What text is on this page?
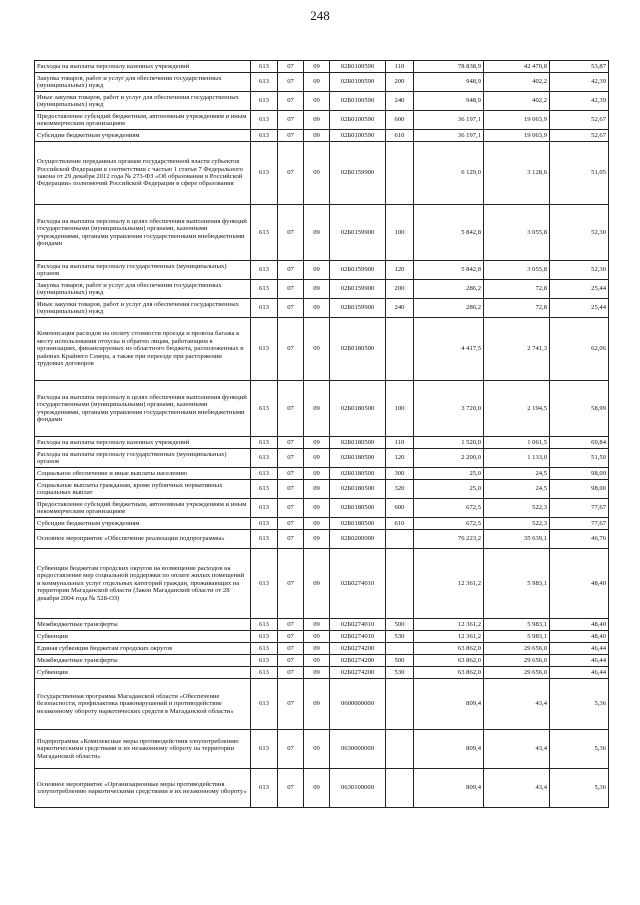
248
Расходы на выплаты персоналу казенных учреждений	613	07	09	02Б0100590	110	78 838,9	42 470,8	53,87
Закупка товаров, работ и услуг для обеспечения государственных (муниципальных) нужд	613	07	09	02Б0100590	200	948,9	402,2	42,39
Иные закупки товаров, работ и услуг для обеспечения государственных (муниципальных) нужд	613	07	09	02Б0100590	240	948,9	402,2	42,39
Предоставление субсидий бюджетным, автономным учреждениям и иным некоммерческим организациям	613	07	09	02Б0100590	600	36 197,1	19 063,9	52,67
Субсидии бюджетным учреждениям	613	07	09	02Б0100590	610	36 197,1	19 063,9	52,67
Осуществление переданных органам государственной власти субъектов Российской Федерации в соответствии с частью 1 статьи 7 Федерального закона от 29 декабря 2012 года № 273-ФЗ «Об образовании в Российской Федерации» полномочий Российской Федерации в сфере образования	613	07	09	02Б0159900		6 129,0	3 128,6	51,05
Расходы на выплаты персоналу в целях обеспечения выполнения функций государственными (муниципальными) органами, казенными учреждениями, органами управления государственными внебюджетными фондами	613	07	09	02Б0159900	100	5 842,8	3 055,8	52,30
Расходы на выплаты персоналу государственных (муниципальных) органов	613	07	09	02Б0159900	120	5 842,8	3 055,8	52,30
Закупка товаров, работ и услуг для обеспечения государственных (муниципальных) нужд	613	07	09	02Б0159900	200	286,2	72,8	25,44
Иные закупки товаров, работ и услуг для обеспечения государственных (муниципальных) нужд	613	07	09	02Б0159900	240	286,2	72,8	25,44
Компенсация расходов на оплату стоимости проезда и провоза багажа к месту использования отпуска и обратно лицам, работающим в организациях, финансируемых из областного бюджета, расположенных в районах Крайнего Севера, а также при переезде при расторжении трудовых договоров	613	07	09	02Б0180500		4 417,5	2 741,3	62,06
Расходы на выплаты персоналу в целях обеспечения выполнения функций государственными (муниципальными) органами, казенными учреждениями, органами управления государственными внебюджетными фондами	613	07	09	02Б0180500	100	3 720,0	2 194,5	58,99
Расходы на выплаты персоналу казенных учреждений	613	07	09	02Б0180500	110	1 520,0	1 061,5	69,84
Расходы на выплаты персоналу государственных (муниципальных) органов	613	07	09	02Б0180500	120	2 200,0	1 133,0	51,50
Социальное обеспечение и иные выплаты населению	613	07	09	02Б0180500	300	25,0	24,5	98,00
Социальные выплаты гражданам, кроме публичных нормативных социальных выплат	613	07	09	02Б0180500	320	25,0	24,5	98,00
Предоставление субсидий бюджетным, автономным учреждениям и иным некоммерческим организациям	613	07	09	02Б0180500	600	672,5	522,3	77,67
Субсидии бюджетным учреждениям	613	07	09	02Б0180500	610	672,5	522,3	77,67
Основное мероприятие «Обеспечение реализации подпрограммы»	613	07	09	02Б0200000		76 223,2	35 639,1	46,76
Субвенции бюджетам городских округов на возмещение расходов на предоставление мер социальной поддержки по оплате жилых помещений и коммунальных услуг отдельных категорий граждан, проживающих на территории Магаданской области (Закон Магаданской области от 28 декабря 2004 года № 528-ОЗ)	613	07	09	02Б0274010		12 361,2	5 983,1	48,40
Межбюджетные трансферты	613	07	09	02Б0274010	500	12 361,2	5 983,1	48,40
Субвенции	613	07	09	02Б0274010	530	12 361,2	5 983,1	48,40
Единая субвенция бюджетам городских округов	613	07	09	02Б0274200		63 862,0	29 656,0	46,44
Межбюджетные трансферты	613	07	09	02Б0274200	500	63 862,0	29 656,0	46,44
Субвенции	613	07	09	02Б0274200	530	63 862,0	29 656,0	46,44
Государственная программа Магаданской области «Обеспечение безопасности, профилактика правонарушений и противодействие незаконному обороту наркотических средств в Магаданской области»	613	07	09	0600000000		809,4	43,4	5,36
Подпрограмма «Комплексные меры противодействия злоупотреблению наркотическими средствами и их незаконному обороту на территории Магаданской области»	613	07	09	0630000000		809,4	43,4	5,36
Основное мероприятие «Организационные меры противодействия злоупотреблению наркотическими средствами и их незаконному обороту»	613	07	09	0630100000		809,4	43,4	5,36
